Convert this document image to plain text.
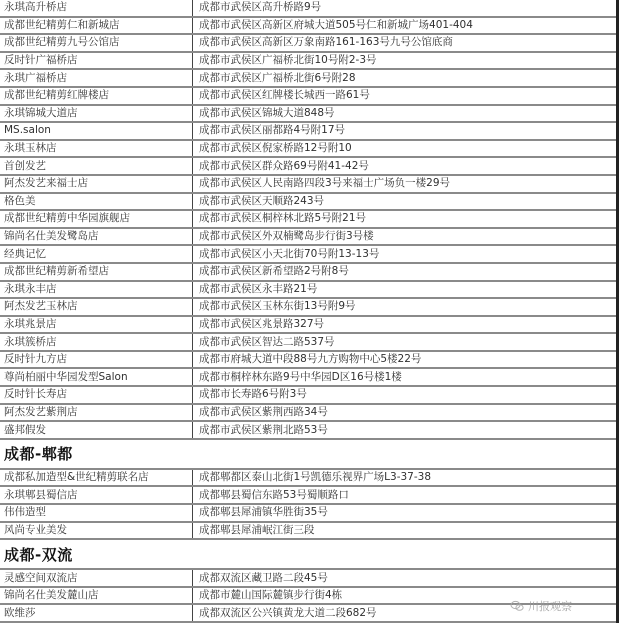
永琪高升桥店	成都市武侯区高升桥路9号
成都世纪精剪仁和新城店	成都市武侯区高新区府城大道505号仁和新城广场401-404
成都世纪精剪九号公馆店	成都市武侯区高新区万象南路161-163号九号公馆底商
反时针广福桥店	成都市武侯区广福桥北街10号附2-3号
永琪广福桥店	成都市武侯区广福桥北街6号附28
成都世纪精剪红牌楼店	成都市武侯区红牌楼长城西一路61号
永琪锦城大道店	成都市武侯区锦城大道848号
MS.salon	成都市武侯区丽都路4号附17号
永琪玉林店	成都市武侯区倪家桥路12号附10
首创发艺	成都市武侯区群众路69号附41-42号
阿杰发艺来福士店	成都市武侯区人民南路四段3号来福士广场负一楼29号
格色美	成都市武侯区天顺路243号
成都世纪精剪中华园旗舰店	成都市武侯区桐梓林北路5号附21号
锦尚名仕美发鹭岛店	成都市武侯区外双楠鹭岛步行街3号楼
经典记忆	成都市武侯区小天北街70号附13-13号
成都世纪精剪新希望店	成都市武侯区新希望路2号附8号
永琪永丰店	成都市武侯区永丰路21号
阿杰发艺玉林店	成都市武侯区玉林东街13号附9号
永琪兆景店	成都市武侯区兆景路327号
永琪簇桥店	成都市武侯区智达二路537号
反时针九方店	成都市府城大道中段88号九方购物中心5楼22号
尊尚柏丽中华园发型Salon	成都市桐梓林东路9号中华园D区16号楼1楼
反时针长寿店	成都市长寿路6号附3号
阿杰发艺紫荆店	成都市武侯区紫荆西路34号
盛邦假发	成都市武侯区紫荆北路53号
成都-郫都
成都私加造型&世纪精剪联名店	成都郫都区泰山北街1号凯德乐视界广场L3-37-38
永琪郫县蜀信店	成都郫县蜀信东路53号蜀顺路口
伟伟造型	成都郫县犀浦镇华胜街35号
风尚专业美发	成都郫县犀浦岷江街三段
成都-双流
灵感空间双流店	成都双流区藏卫路二段45号
锦尚名仕美发麓山店	成都市麓山国际麓镇步行街4栋
欧维莎	成都双流区公兴镇黄龙大道二段682号	川报观察
